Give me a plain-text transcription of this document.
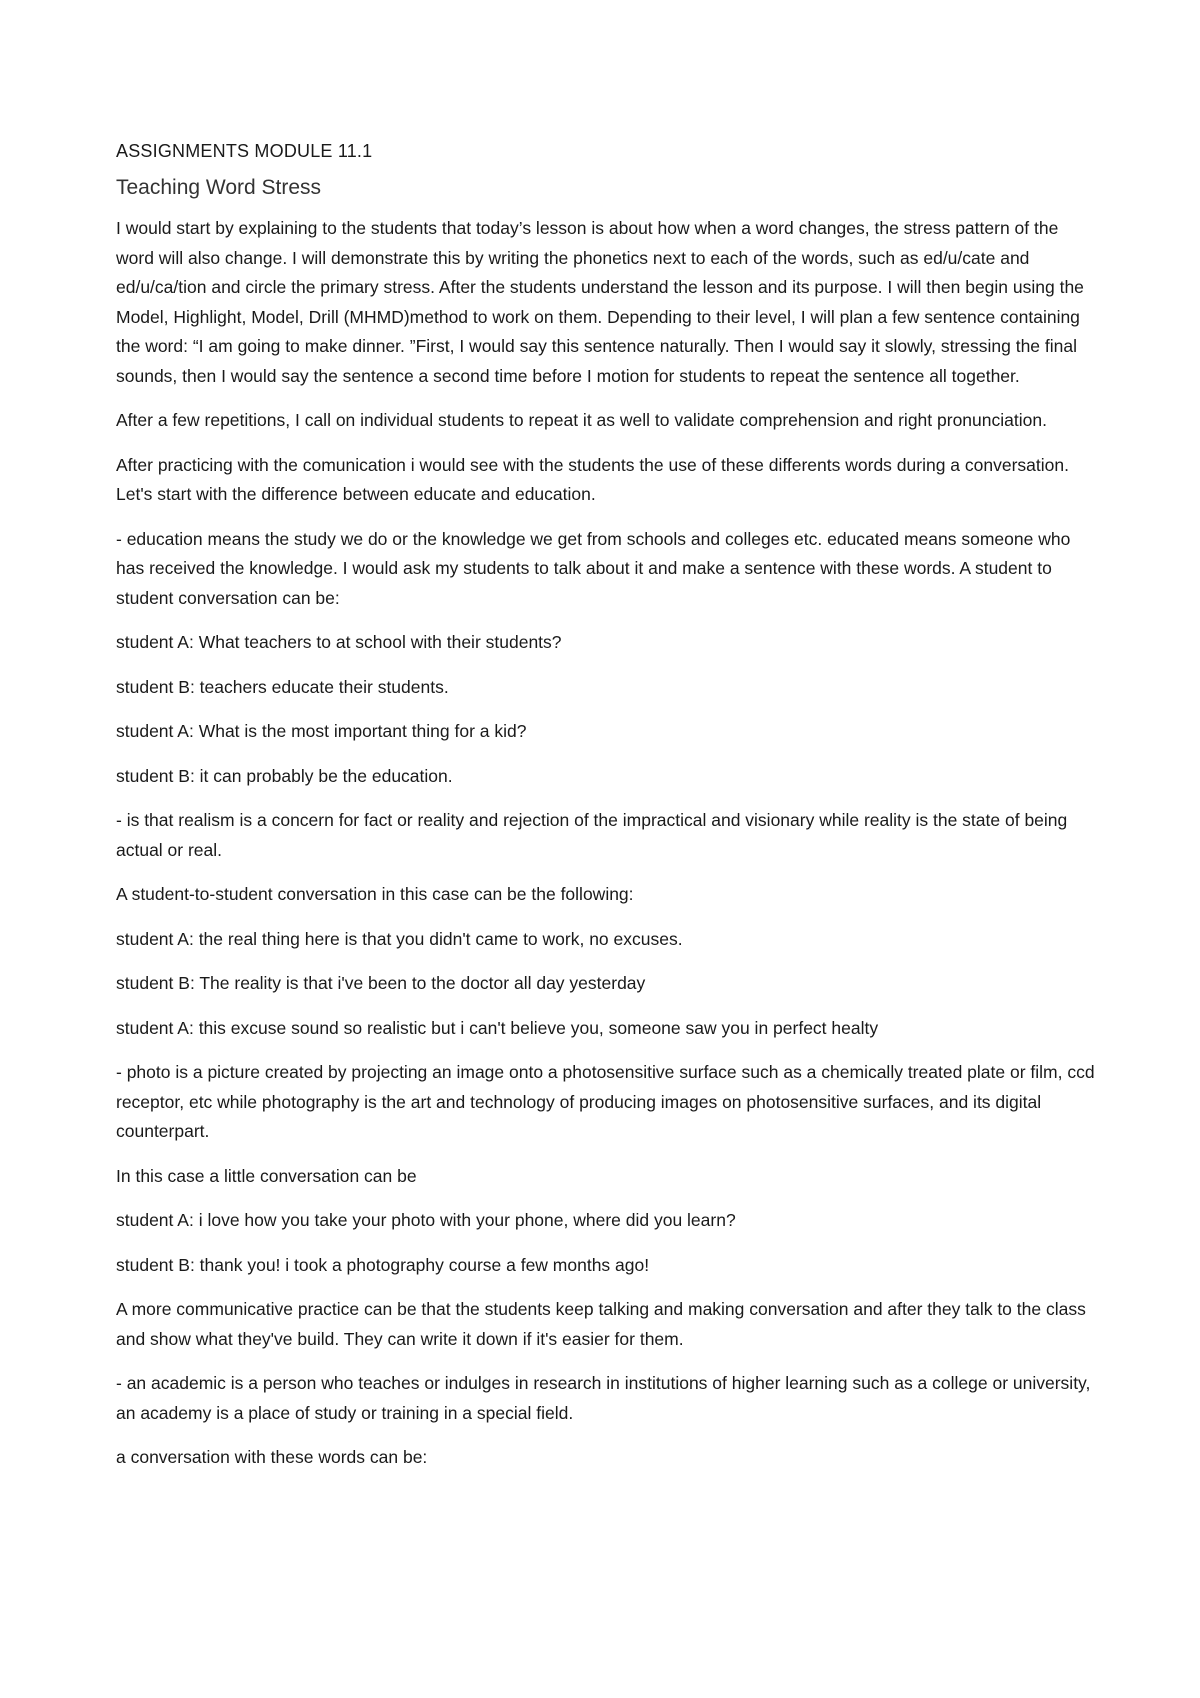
ASSIGNMENTS MODULE 11.1
Teaching Word Stress

I would start by explaining to the students that today’s lesson is about how when a word changes, the stress pattern of the word will also change. I will demonstrate this by writing the phonetics next to each of the words, such as ed/u/cate and ed/u/ca/tion and circle the primary stress. After the students understand the lesson and its purpose. I will then begin using the Model, Highlight, Model, Drill (MHMD)method to work on them. Depending to their level, I will plan a few sentence containing the word: “I am going to make dinner. ”First, I would say this sentence naturally. Then I would say it slowly, stressing the final sounds, then I would say the sentence a second time before I motion for students to repeat the sentence all together.

After a few repetitions, I call on individual students to repeat it as well to validate comprehension and right pronunciation.

After practicing with the comunication i would see with the students the use of these differents words during a conversation. Let's start with the difference between educate and education.

- education means the study we do or the knowledge we get from schools and colleges etc. educated means someone who has received the knowledge. I would ask my students to talk about it and make a sentence with these words. A student to student conversation can be:

student A: What teachers to at school with their students?

student B: teachers educate their students.

student A: What is the most important thing for a kid?

student B: it can probably be the education.

- is that realism is a concern for fact or reality and rejection of the impractical and visionary while reality is the state of being actual or real.

A student-to-student conversation in this case can be the following:

student A: the real thing here is that you didn't came to work, no excuses.

student B: The reality is that i've been to the doctor all day yesterday

student A: this excuse sound so realistic but i can't believe you, someone saw you in perfect healty

- photo is a picture created by projecting an image onto a photosensitive surface such as a chemically treated plate or film, ccd receptor, etc while photography is the art and technology of producing images on photosensitive surfaces, and its digital counterpart.

In this case a little conversation can be

student A: i love how you take your photo with your phone, where did you learn?

student B: thank you! i took a photography course a few months ago!

A more communicative practice can be that the students keep talking and making conversation and after they talk to the class and show what they've build. They can write it down if it's easier for them.

- an academic is a person who teaches or indulges in research in institutions of higher learning such as a college or university, an academy is a place of study or training in a special field.

a conversation with these words can be:
